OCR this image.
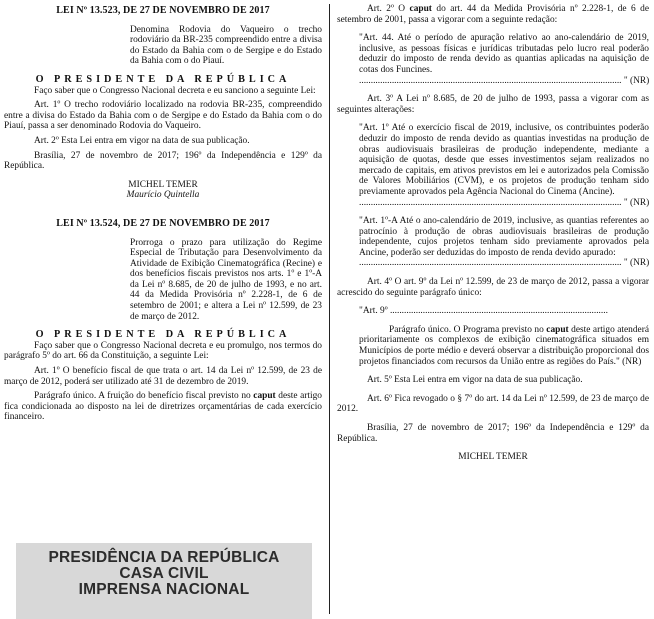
LEI Nº 13.523, DE 27 DE NOVEMBRO DE 2017

Denomina Rodovia do Vaqueiro o trecho rodoviário da BR-235 compreendido entre a divisa do Estado da Bahia com o de Sergipe e do Estado da Bahia com o do Piauí.

O PRESIDENTE DA REPÚBLICA

Faço saber que o Congresso Nacional decreta e eu sanciono a seguinte Lei:

Art. 1º O trecho rodoviário localizado na rodovia BR-235, compreendido entre a divisa do Estado da Bahia com o de Sergipe e do Estado da Bahia com o do Piauí, passa a ser denominado Rodovia do Vaqueiro.

Art. 2º Esta Lei entra em vigor na data de sua publicação.

Brasília, 27 de novembro de 2017; 196º da Independência e 129º da República.

MICHEL TEMER
Maurício Quintella
LEI Nº 13.524, DE 27 DE NOVEMBRO DE 2017

Prorroga o prazo para utilização do Regime Especial de Tributação para Desenvolvimento da Atividade de Exibição Cinematográfica (Recine) e dos benefícios fiscais previstos nos arts. 1º e 1º-A da Lei nº 8.685, de 20 de julho de 1993, e no art. 44 da Medida Provisória nº 2.228-1, de 6 de setembro de 2001; e altera a Lei nº 12.599, de 23 de março de 2012.

O PRESIDENTE DA REPÚBLICA

Faço saber que o Congresso Nacional decreta e eu promulgo, nos termos do parágrafo 5º do art. 66 da Constituição, a seguinte Lei:

Art. 1º O benefício fiscal de que trata o art. 14 da Lei nº 12.599, de 23 de março de 2012, poderá ser utilizado até 31 de dezembro de 2019.

Parágrafo único. A fruição do benefício fiscal previsto no caput deste artigo fica condicionada ao disposto na lei de diretrizes orçamentárias de cada exercício financeiro.

PRESIDÊNCIA DA REPÚBLICA
CASA CIVIL
IMPRENSA NACIONAL

Art. 2º O caput do art. 44 da Medida Provisória nº 2.228-1, de 6 de setembro de 2001, passa a vigorar com a seguinte redação:

"Art. 44. Até o período de apuração relativo ao ano-calendário de 2019, inclusive, as pessoas físicas e jurídicas tributadas pelo lucro real poderão deduzir do imposto de renda devido as quantias aplicadas na aquisição de cotas dos Funcines.

................................................................................................................ " (NR)

Art. 3º A Lei nº 8.685, de 20 de julho de 1993, passa a vigorar com as seguintes alterações:

"Art. 1º Até o exercício fiscal de 2019, inclusive, os contribuintes poderão deduzir do imposto de renda devido as quantias investidas na produção de obras audiovisuais brasileiras de produção independente, mediante a aquisição de quotas, desde que esses investimentos sejam realizados no mercado de capitais, em ativos previstos em lei e autorizados pela Comissão de Valores Mobiliários (CVM), e os projetos de produção tenham sido previamente aprovados pela Agência Nacional do Cinema (Ancine).

................................................................................................................ " (NR)

"Art. 1º-A Até o ano-calendário de 2019, inclusive, as quantias referentes ao patrocínio à produção de obras audiovisuais brasileiras de produção independente, cujos projetos tenham sido previamente aprovados pela Ancine, poderão ser deduzidas do imposto de renda devido apurado:

................................................................................................................ " (NR)

Art. 4º O art. 9º da Lei nº 12.599, de 23 de março de 2012, passa a vigorar acrescido do seguinte parágrafo único:

"Art. 9º .............................................................................................

Parágrafo único. O Programa previsto no caput deste artigo atenderá prioritariamente os complexos de exibição cinematográfica situados em Municípios de porte médio e deverá observar a distribuição proporcional dos projetos financiados com recursos da União entre as regiões do País." (NR)

Art. 5º Esta Lei entra em vigor na data de sua publicação.

Art. 6º Fica revogado o § 7º do art. 14 da Lei nº 12.599, de 23 de março de 2012.

Brasília, 27 de novembro de 2017; 196º da Independência e 129º da República.

MICHEL TEMER
